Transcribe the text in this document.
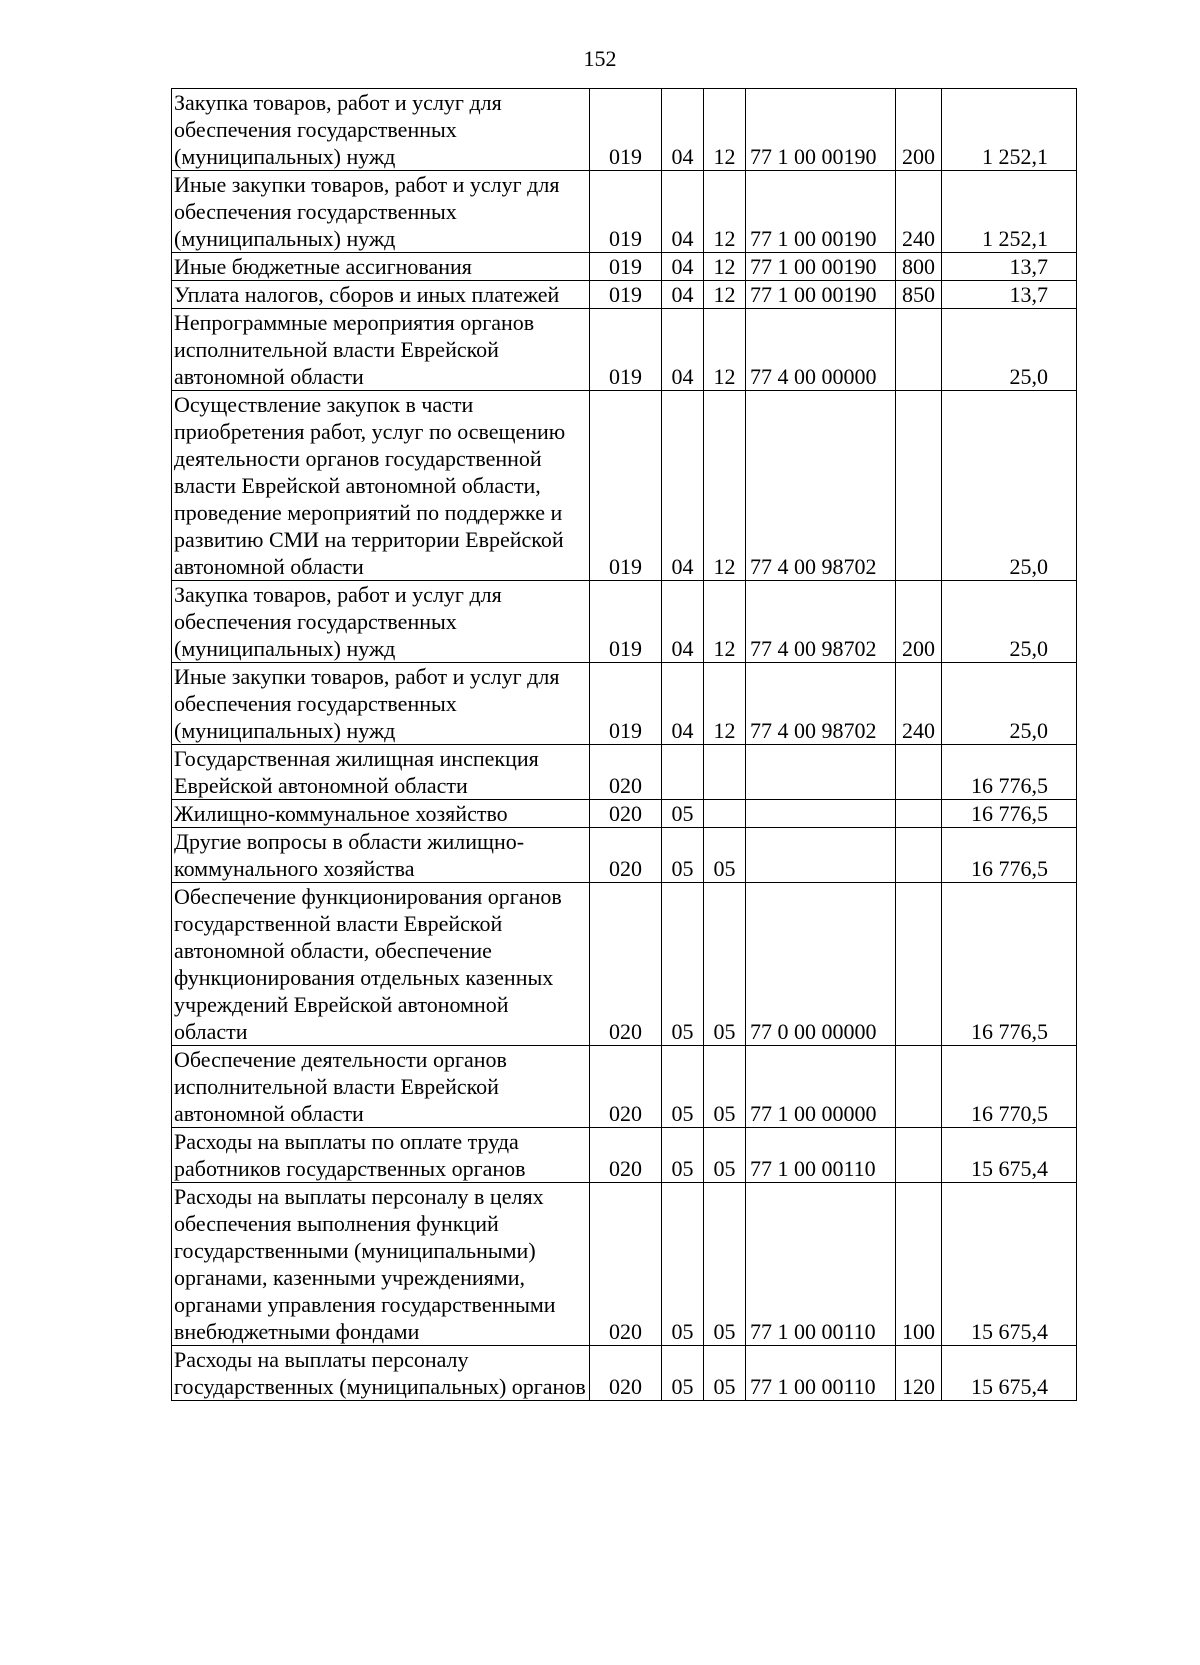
152
Закупка товаров, работ и услуг для обеспечения государственных (муниципальных) нужд	019	04	12	77 1 00 00190	200	1 252,1
Иные закупки товаров, работ и услуг для обеспечения государственных (муниципальных) нужд	019	04	12	77 1 00 00190	240	1 252,1
Иные бюджетные ассигнования	019	04	12	77 1 00 00190	800	13,7
Уплата налогов, сборов и иных платежей	019	04	12	77 1 00 00190	850	13,7
Непрограммные мероприятия органов исполнительной власти Еврейской автономной области	019	04	12	77 4 00 00000		25,0
Осуществление закупок в части приобретения работ, услуг по освещению деятельности органов государственной власти Еврейской автономной области, проведение мероприятий по поддержке и развитию СМИ на территории Еврейской автономной области	019	04	12	77 4 00 98702		25,0
Закупка товаров, работ и услуг для обеспечения государственных (муниципальных) нужд	019	04	12	77 4 00 98702	200	25,0
Иные закупки товаров, работ и услуг для обеспечения государственных (муниципальных) нужд	019	04	12	77 4 00 98702	240	25,0
Государственная жилищная инспекция Еврейской автономной области	020					16 776,5
Жилищно-коммунальное хозяйство	020	05				16 776,5
Другие вопросы в области жилищно-коммунального хозяйства	020	05	05			16 776,5
Обеспечение функционирования органов государственной власти Еврейской автономной области, обеспечение функционирования отдельных казенных учреждений Еврейской автономной области	020	05	05	77 0 00 00000		16 776,5
Обеспечение деятельности органов исполнительной власти Еврейской автономной области	020	05	05	77 1 00 00000		16 770,5
Расходы на выплаты по оплате труда работников государственных органов	020	05	05	77 1 00 00110		15 675,4
Расходы на выплаты персоналу в целях обеспечения выполнения функций государственными (муниципальными) органами, казенными учреждениями, органами управления государственными внебюджетными фондами	020	05	05	77 1 00 00110	100	15 675,4
Расходы на выплаты персоналу государственных (муниципальных) органов	020	05	05	77 1 00 00110	120	15 675,4
